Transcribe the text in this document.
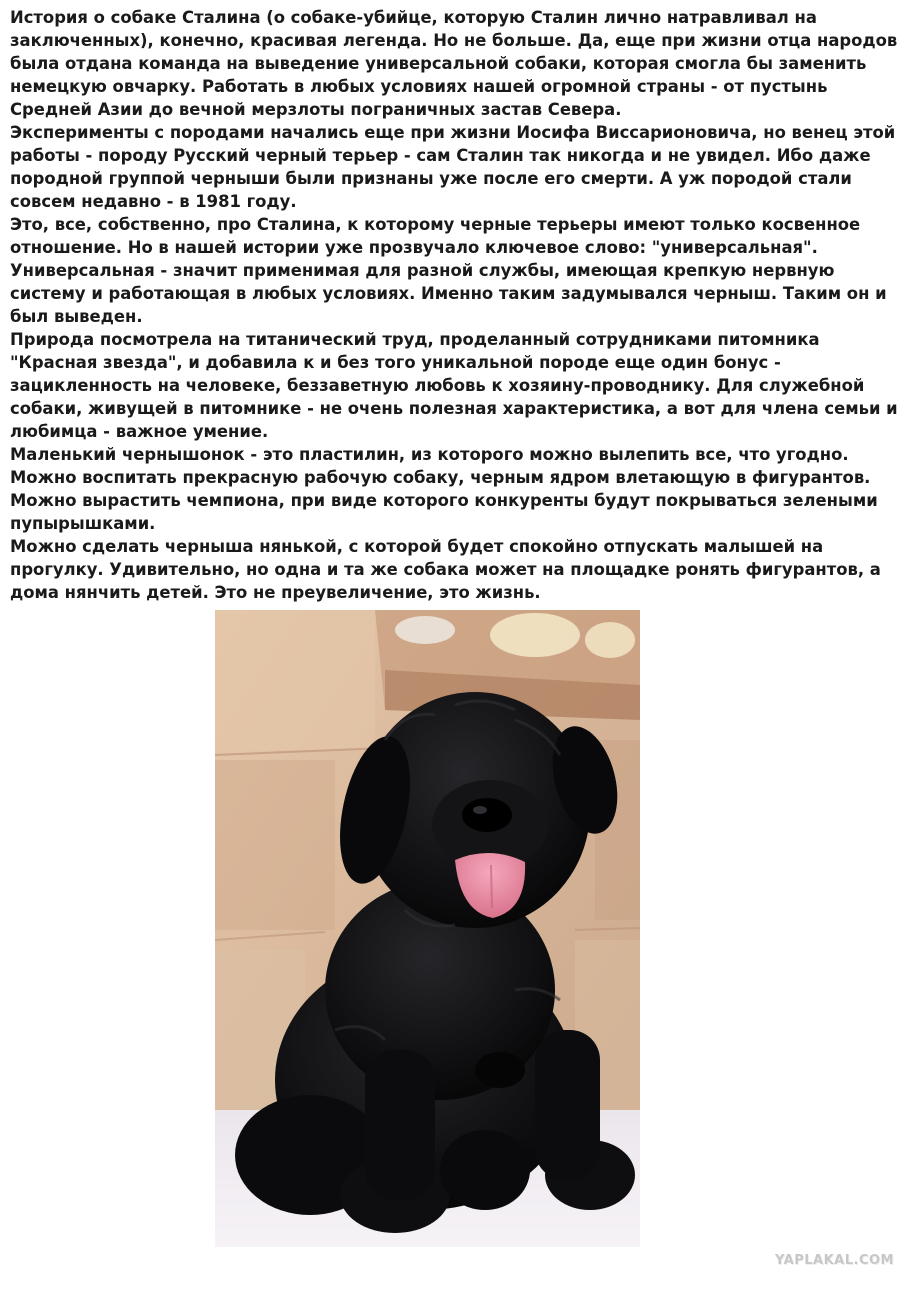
История о собаке Сталина (о собаке-убийце, которую Сталин лично натравливал на заключенных), конечно, красивая легенда. Но не больше. Да, еще при жизни отца народов была отдана команда на выведение универсальной собаки, которая смогла бы заменить немецкую овчарку. Работать в любых условиях нашей огромной страны - от пустынь Средней Азии до вечной мерзлоты пограничных застав Севера.

Эксперименты с породами начались еще при жизни Иосифа Виссарионовича, но венец этой работы - породу Русский черный терьер - сам Сталин так никогда и не увидел. Ибо даже породной группой черныши были признаны уже после его смерти. А уж породой стали совсем недавно - в 1981 году.

Это, все, собственно, про Сталина, к которому черные терьеры имеют только косвенное отношение. Но в нашей истории уже прозвучало ключевое слово: "универсальная". Универсальная - значит применимая для разной службы, имеющая крепкую нервную систему и работающая в любых условиях. Именно таким задумывался черныш. Таким он и был выведен.

Природа посмотрела на титанический труд, проделанный сотрудниками питомника "Красная звезда", и добавила к и без того уникальной породе еще один бонус - зацикленность на человеке, беззаветную любовь к хозяину-проводнику. Для служебной собаки, живущей в питомнике - не очень полезная характеристика, а вот для члена семьи и любимца - важное умение.

Маленький чернышонок - это пластилин, из которого можно вылепить все, что угодно. Можно воспитать прекрасную рабочую собаку, черным ядром влетающую в фигурантов. Можно вырастить чемпиона, при виде которого конкуренты будут покрываться зелеными пупырышками.

Можно сделать черныша нянькой, с которой будет спокойно отпускать малышей на прогулку. Удивительно, но одна и та же собака может на площадке ронять фигурантов, а дома нянчить детей. Это не преувеличение, это жизнь.

YAPLAKAL.COM
